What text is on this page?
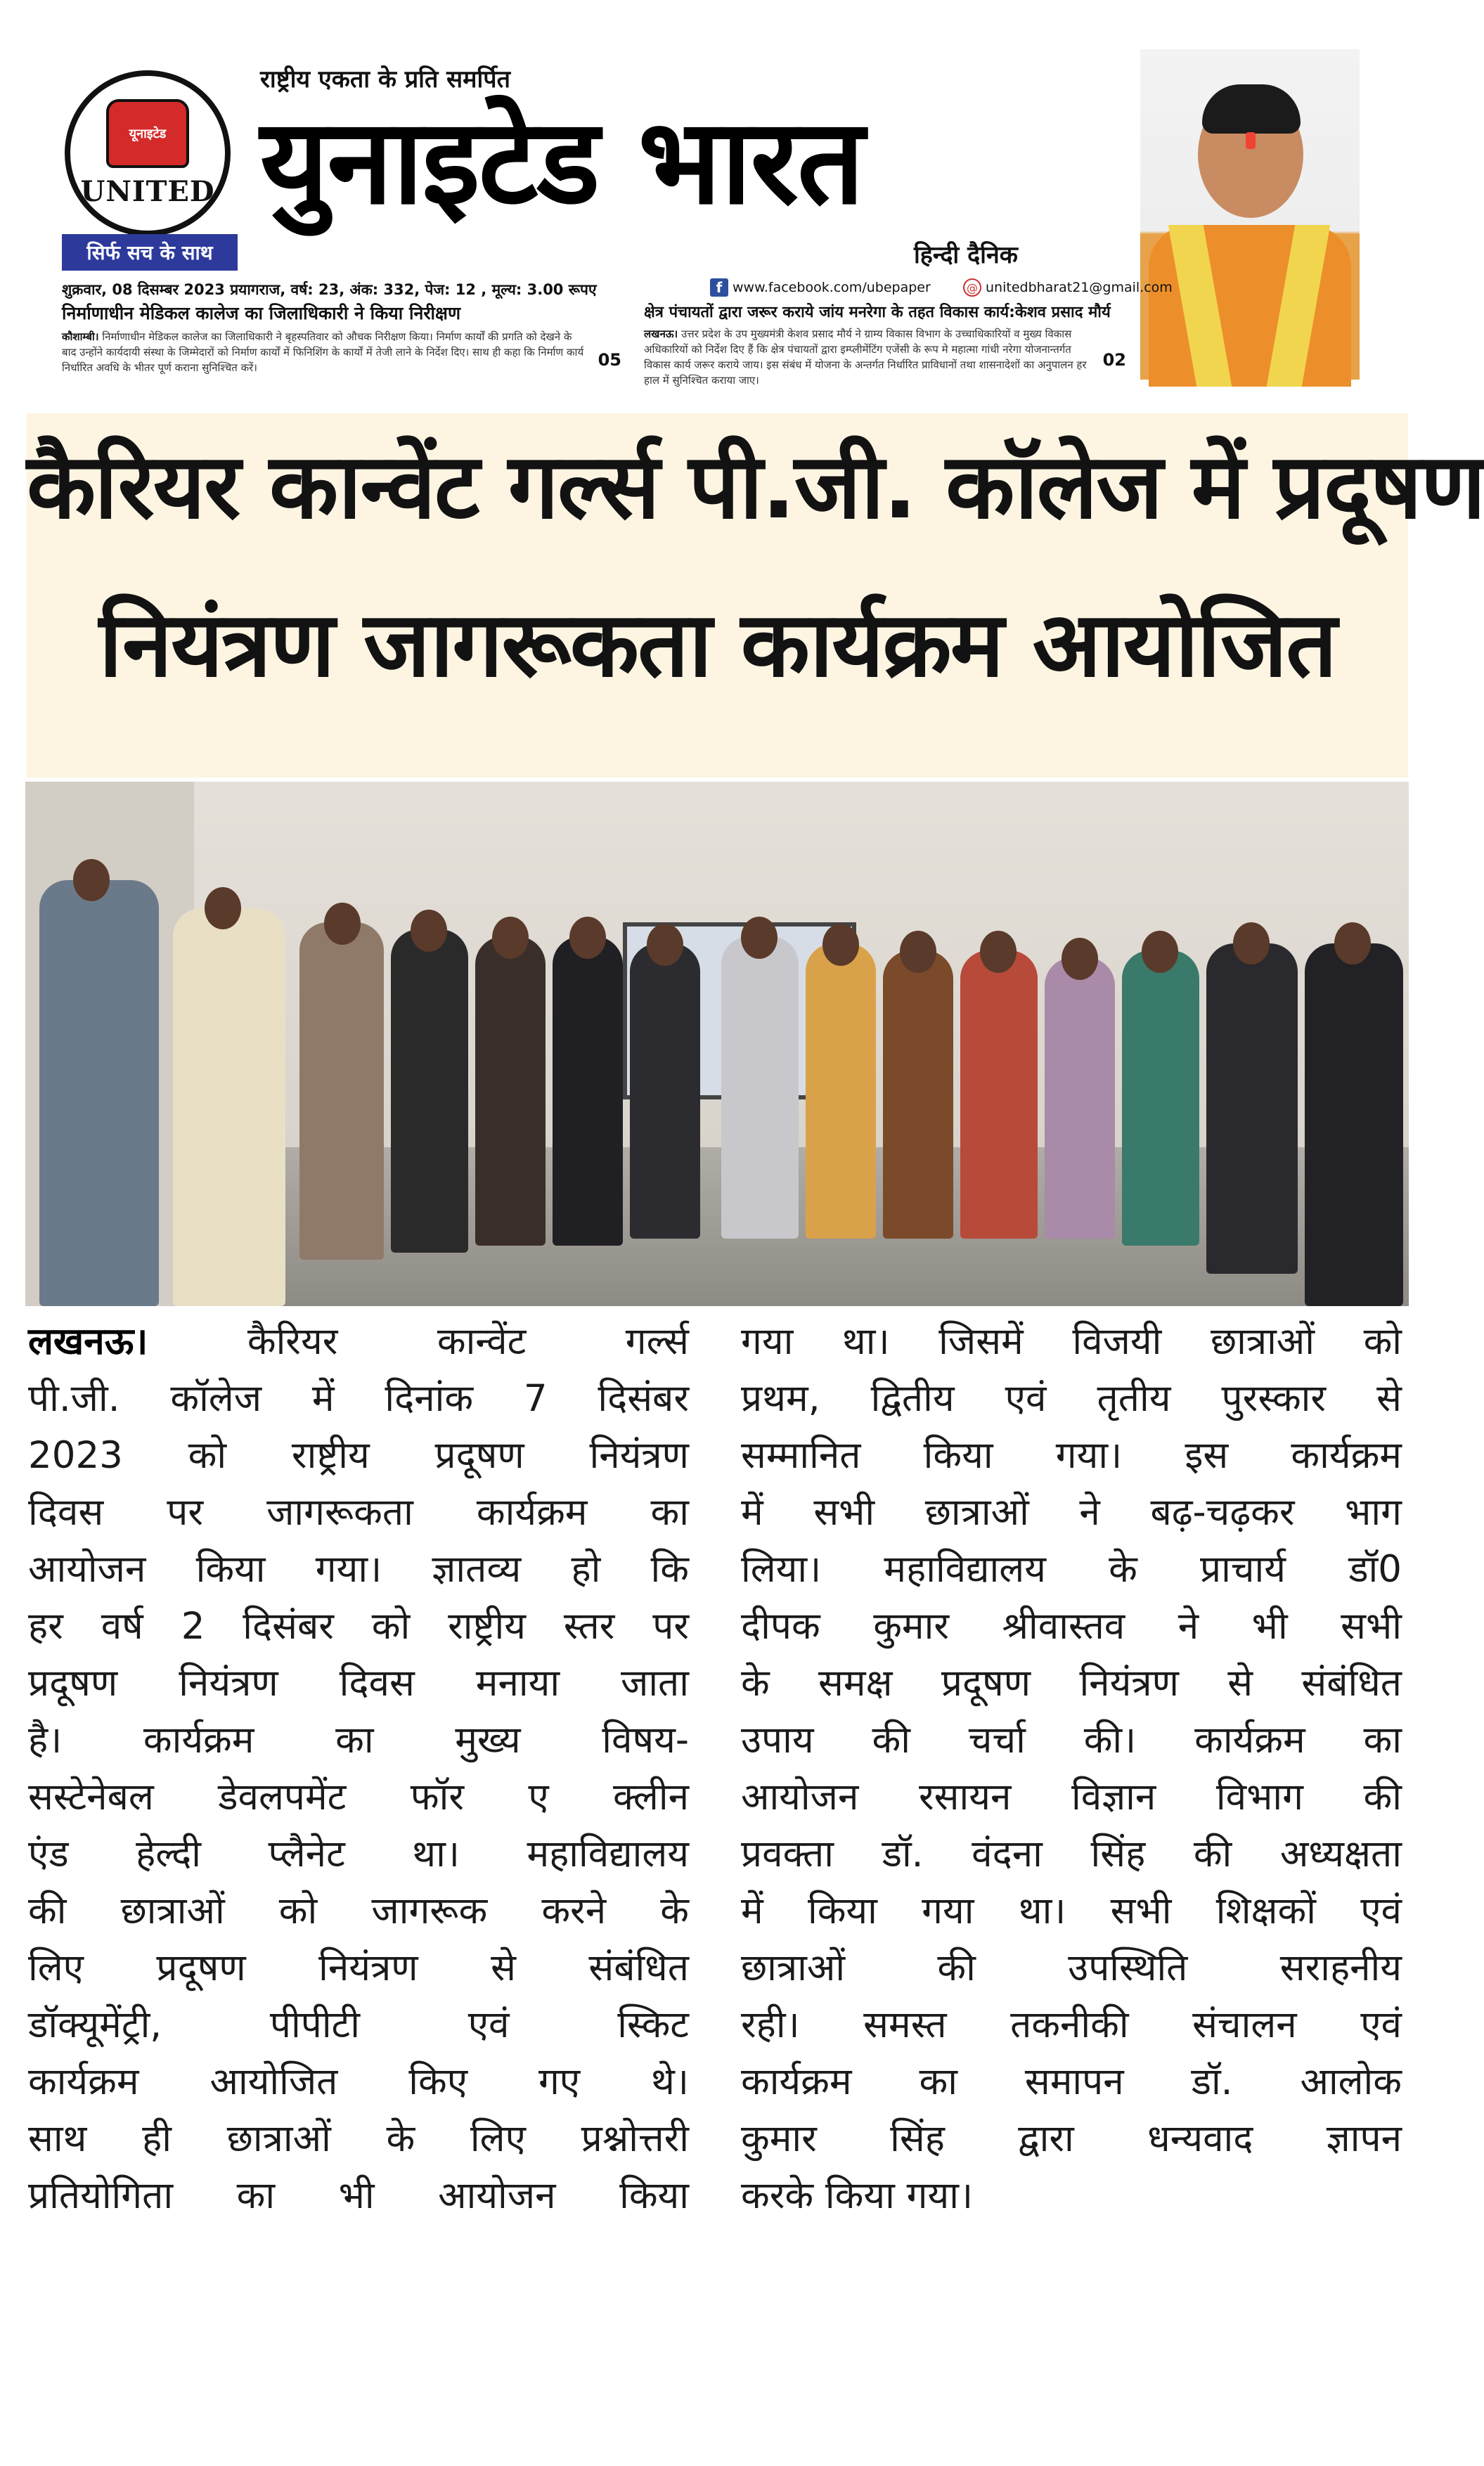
यूनाइटेड
UNITED
सिर्फ सच के साथ
राष्ट्रीय एकता के प्रति समर्पित
युनाइटेड भारत
हिन्दी दैनिक
शुक्रवार, 08 दिसम्बर 2023 प्रयागराज, वर्ष: 23, अंक: 332, पेज: 12 , मूल्य: 3.00 रूपए	f www.facebook.com/ubepaper	@ unitedbharat21@gmail.com
निर्माणाधीन मेडिकल कालेज का जिलाधिकारी ने किया निरीक्षण
कौशाम्बी। निर्माणाधीन मेडिकल कालेज का जिलाधिकारी ने बृहस्पतिवार को औचक निरीक्षण किया। निर्माण कार्यों की प्रगति को देखने के बाद उन्होंने कार्यदायी संस्था के जिम्मेदारों को निर्माण कार्यों में फिनिशिंग के कार्यों में तेजी लाने के निर्देश दिए। साथ ही कहा कि निर्माण कार्य निर्धारित अवधि के भीतर पूर्ण कराना सुनिश्चित करें।	05
क्षेत्र पंचायतों द्वारा जरूर कराये जांय मनरेगा के तहत विकास कार्य:केशव प्रसाद मौर्य
लखनऊ। उत्तर प्रदेश के उप मुख्यमंत्री केशव प्रसाद मौर्य ने ग्राम्य विकास विभाग के उच्चाधिकारियों व मुख्य विकास अधिकारियों को निर्देश दिए हैं कि क्षेत्र पंचायतों द्वारा इम्प्लीमेंटिंग एजेंसी के रूप मे महात्मा गांधी नरेगा योजनान्तर्गत विकास कार्य जरूर कराये जाय। इस संबंध में योजना के अन्तर्गत निर्धारित प्राविधानों तथा शासनादेशों का अनुपालन हर हाल में सुनिश्चित कराया जाए।
02
कैरियर कान्वेंट गर्ल्स पी.जी. कॉलेज में प्रदूषण
नियंत्रण जागरूकता कार्यक्रम आयोजित

लखनऊ। कैरियर कान्वेंट गर्ल्स

पी.जी. कॉलेज में दिनांक 7 दिसंबर

2023 को राष्ट्रीय प्रदूषण नियंत्रण

दिवस पर जागरूकता कार्यक्रम का

आयोजन किया गया। ज्ञातव्य हो कि

हर वर्ष 2 दिसंबर को राष्ट्रीय स्तर पर

प्रदूषण नियंत्रण दिवस मनाया जाता

है। कार्यक्रम का मुख्य विषय-

सस्टेनेबल डेवलपमेंट फॉर ए क्लीन

एंड हेल्दी प्लैनेट था। महाविद्यालय

की छात्राओं को जागरूक करने के

लिए प्रदूषण नियंत्रण से संबंधित

डॉक्यूमेंट्री, पीपीटी एवं स्किट

कार्यक्रम आयोजित किए गए थे।

साथ ही छात्राओं के लिए प्रश्नोत्तरी

प्रतियोगिता का भी आयोजन किया

गया था। जिसमें विजयी छात्राओं को

प्रथम, द्वितीय एवं तृतीय पुरस्कार से

सम्मानित किया गया। इस कार्यक्रम

में सभी छात्राओं ने बढ़-चढ़कर भाग

लिया। महाविद्यालय के प्राचार्य डॉ0

दीपक कुमार श्रीवास्तव ने भी सभी

के समक्ष प्रदूषण नियंत्रण से संबंधित

उपाय की चर्चा की। कार्यक्रम का

आयोजन रसायन विज्ञान विभाग की

प्रवक्ता डॉ. वंदना सिंह की अध्यक्षता

में किया गया था। सभी शिक्षकों एवं

छात्राओं की उपस्थिति सराहनीय

रही। समस्त तकनीकी संचालन एवं

कार्यक्रम का समापन डॉ. आलोक

कुमार सिंह द्वारा धन्यवाद ज्ञापन

करके किया गया।
